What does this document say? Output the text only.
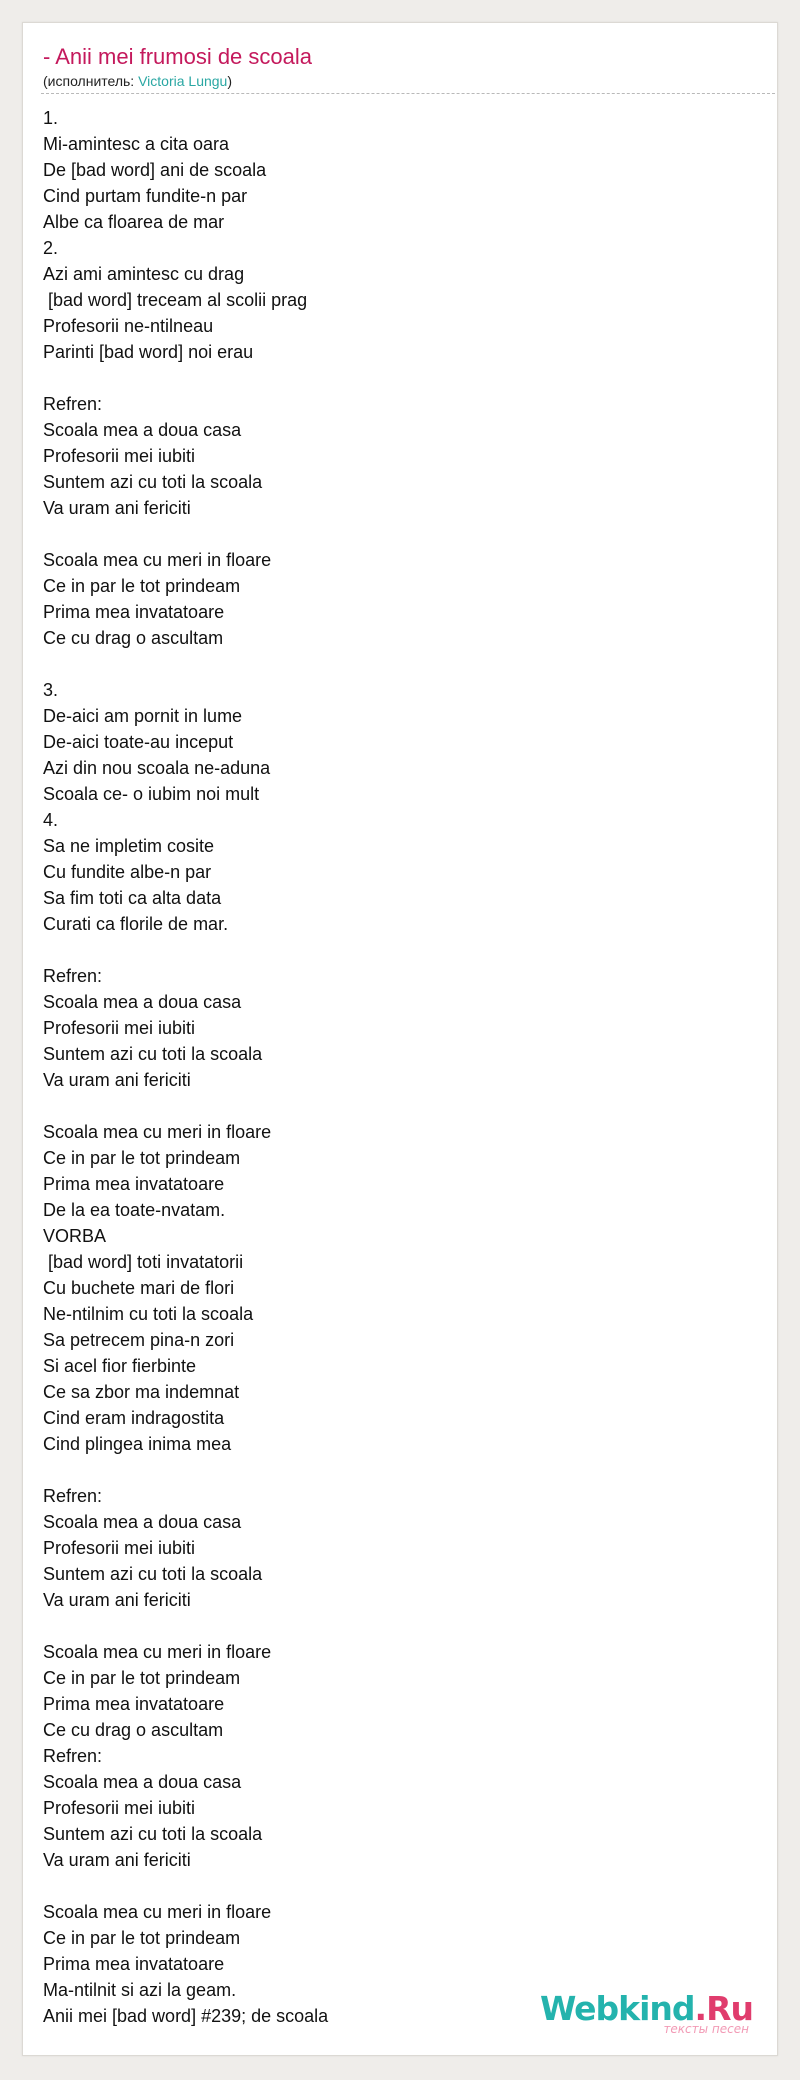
- Anii mei frumosi de scoala
(исполнитель: Victoria Lungu)
1.
Mi-amintesc a cita oara
De [bad word] ani de scoala
Cind purtam fundite-n par
Albe ca floarea de mar
2.
Azi ami amintesc cu drag
[bad word] treceam al scolii prag
Profesorii ne-ntilneau
Parinti [bad word] noi erau
Refren:
Scoala mea a doua casa
Profesorii mei iubiti
Suntem azi cu toti la scoala
Va uram ani fericiti
Scoala mea cu meri in floare
Ce in par le tot prindeam
Prima mea invatatoare
Ce cu drag o ascultam
3.
De-aici am pornit in lume
De-aici toate-au inceput
Azi din nou scoala ne-aduna
Scoala ce- o iubim noi mult
4.
Sa ne impletim cosite
Cu fundite albe-n par
Sa fim toti ca alta data
Curati ca florile de mar.
Refren:
Scoala mea a doua casa
Profesorii mei iubiti
Suntem azi cu toti la scoala
Va uram ani fericiti
Scoala mea cu meri in floare
Ce in par le tot prindeam
Prima mea invatatoare
De la ea toate-nvatam.
VORBA
[bad word] toti invatatorii
Cu buchete mari de flori
Ne-ntilnim cu toti la scoala
Sa petrecem pina-n zori
Si acel fior fierbinte
Ce sa zbor ma indemnat
Cind eram indragostita
Cind plingea inima mea
Refren:
Scoala mea a doua casa
Profesorii mei iubiti
Suntem azi cu toti la scoala
Va uram ani fericiti
Scoala mea cu meri in floare
Ce in par le tot prindeam
Prima mea invatatoare
Ce cu drag o ascultam
Refren:
Scoala mea a doua casa
Profesorii mei iubiti
Suntem azi cu toti la scoala
Va uram ani fericiti
Scoala mea cu meri in floare
Ce in par le tot prindeam
Prima mea invatatoare
Ma-ntilnit si azi la geam.
Anii mei [bad word] #239; de scoala	Webkind.Ru
тексты песен
